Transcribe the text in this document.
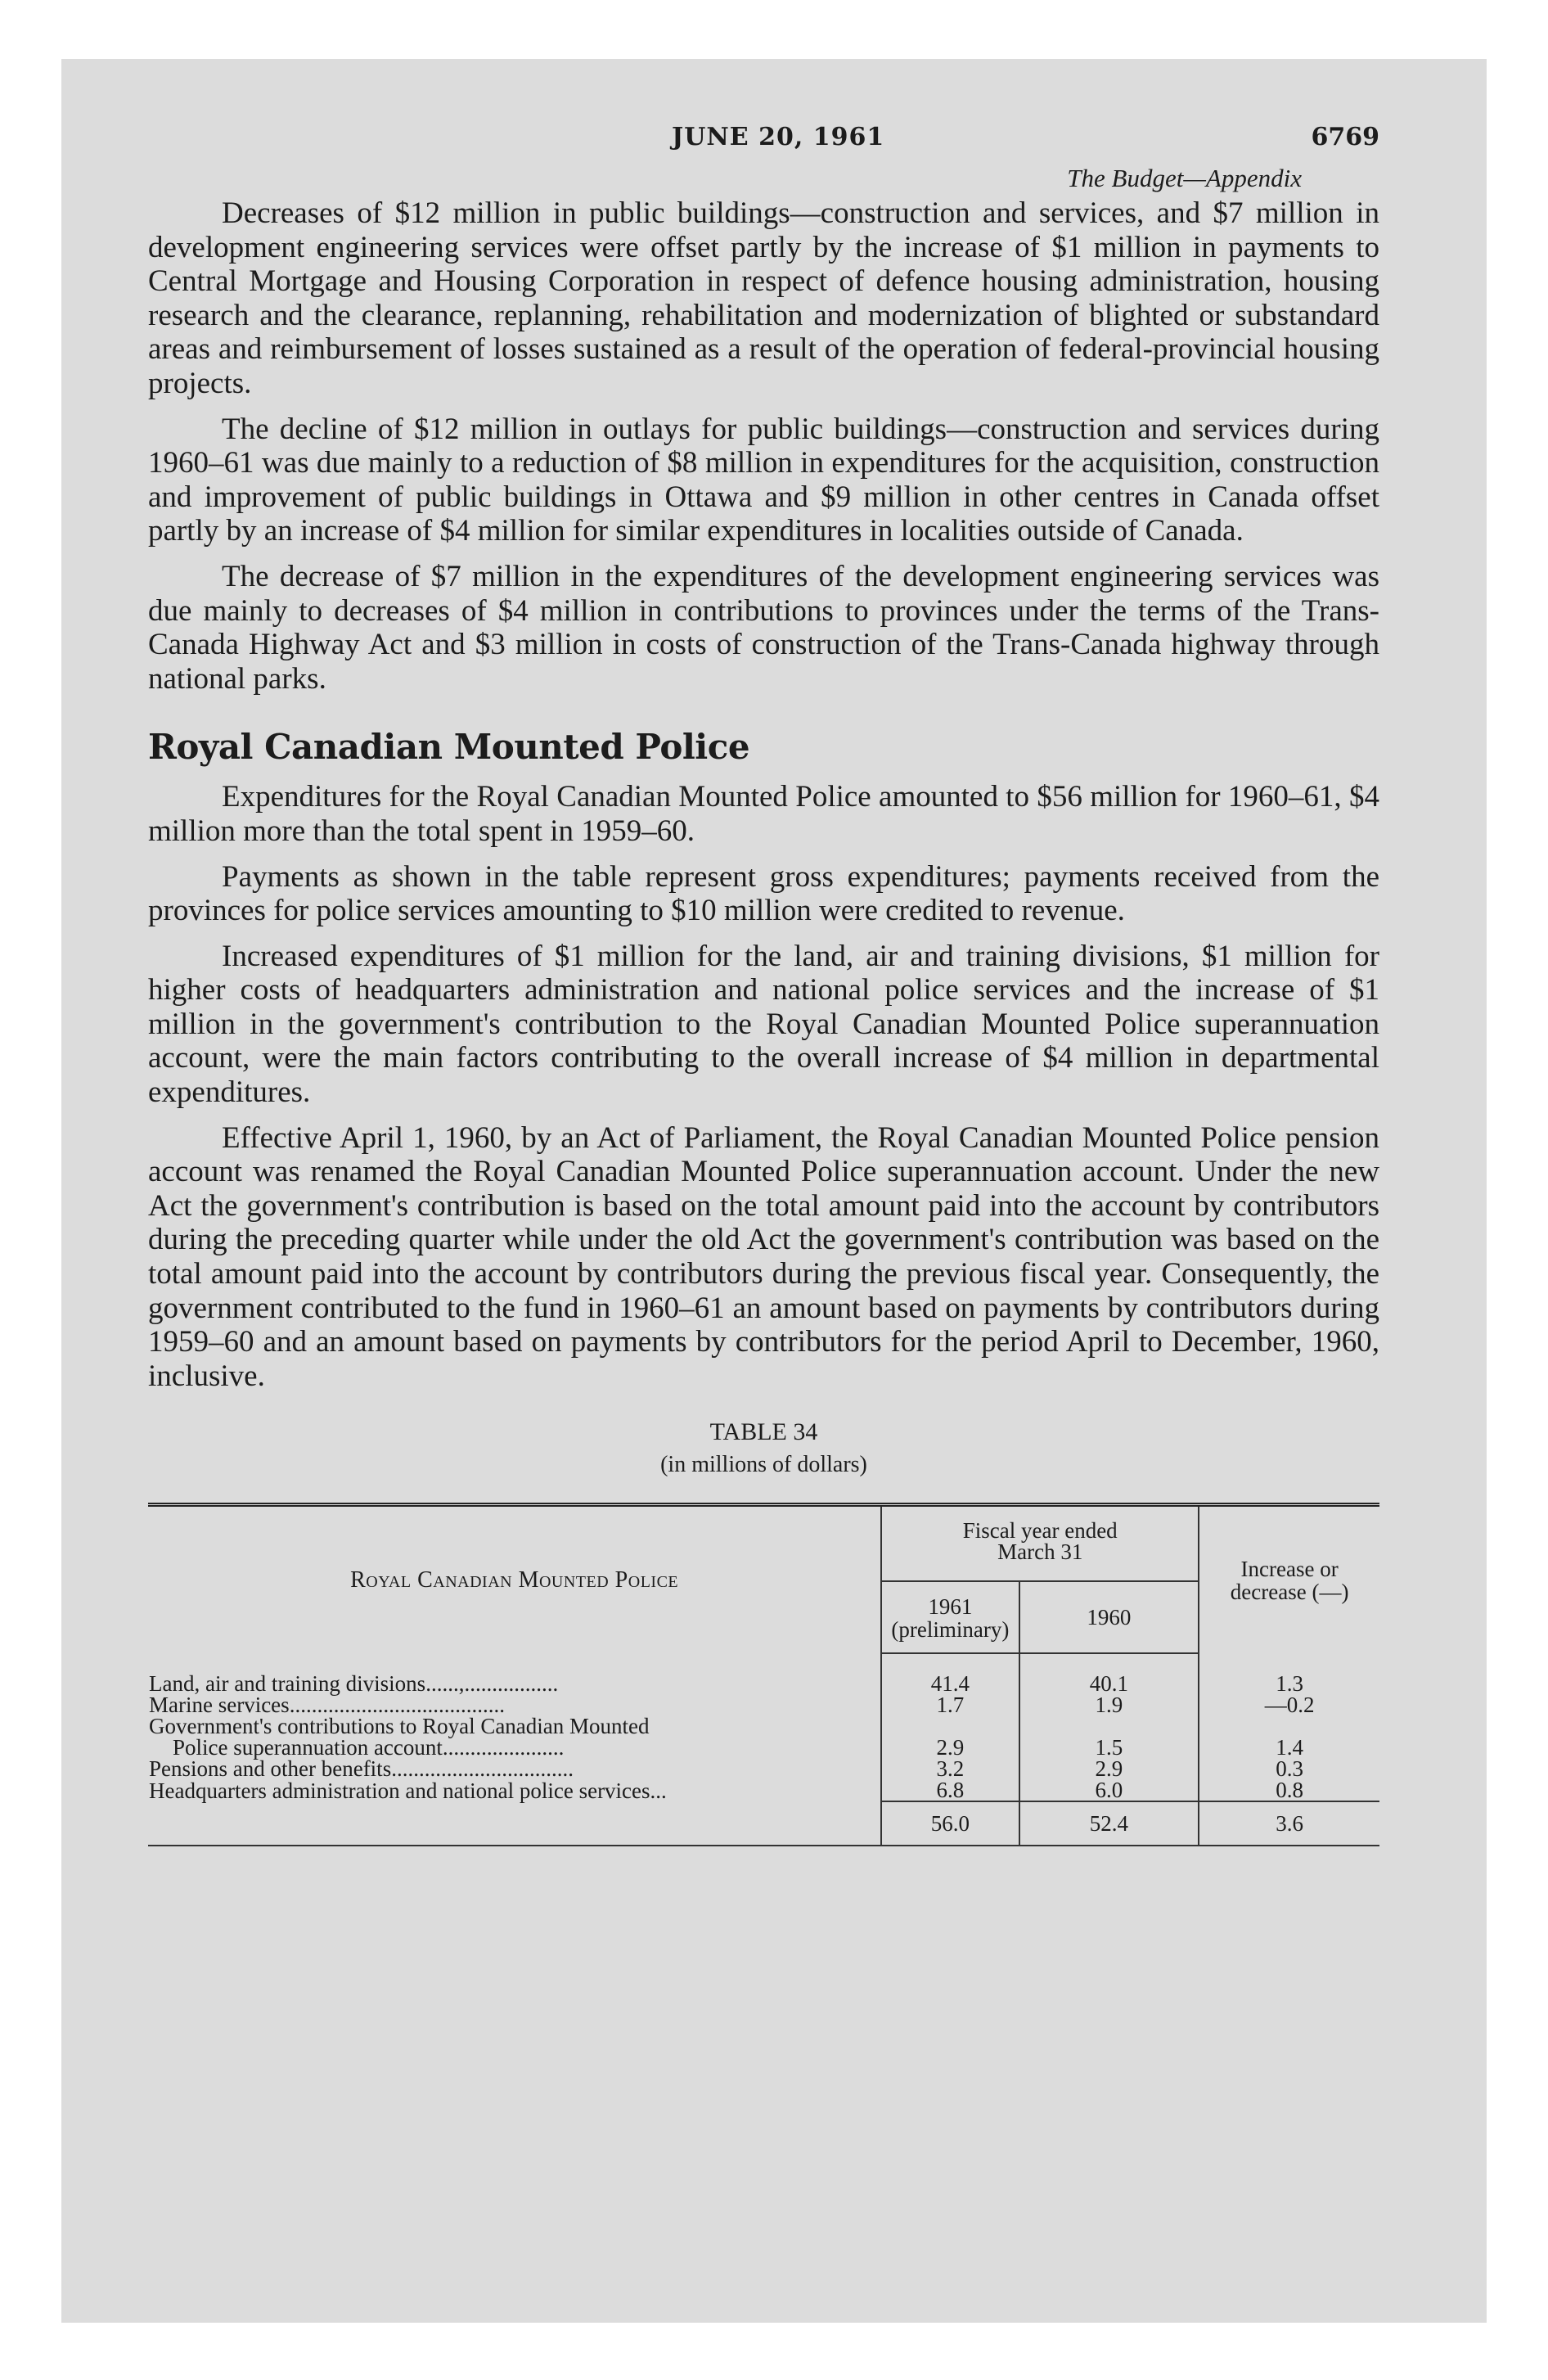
JUNE 20, 1961	6769
The Budget—Appendix

Decreases of $12 million in public buildings—construction and services, and $7 million in development engineering services were offset partly by the increase of $1 million in payments to Central Mortgage and Housing Corporation in respect of defence housing administration, housing research and the clearance, replanning, rehabilitation and modernization of blighted or substandard areas and reimbursement of losses sustained as a result of the operation of federal-provincial housing projects.

The decline of $12 million in outlays for public buildings—construction and services during 1960–61 was due mainly to a reduction of $8 million in expenditures for the acquisition, construction and improvement of public buildings in Ottawa and $9 million in other centres in Canada offset partly by an increase of $4 million for similar expenditures in localities outside of Canada.

The decrease of $7 million in the expenditures of the development engineering services was due mainly to decreases of $4 million in contributions to provinces under the terms of the Trans-Canada Highway Act and $3 million in costs of construction of the Trans-Canada highway through national parks.

Royal Canadian Mounted Police

Expenditures for the Royal Canadian Mounted Police amounted to $56 million for 1960–61, $4 million more than the total spent in 1959–60.

Payments as shown in the table represent gross expenditures; payments received from the provinces for police services amounting to $10 million were credited to revenue.

Increased expenditures of $1 million for the land, air and training divisions, $1 million for higher costs of headquarters administration and national police services and the increase of $1 million in the government's contribution to the Royal Canadian Mounted Police superannuation account, were the main factors contributing to the overall increase of $4 million in departmental expenditures.

Effective April 1, 1960, by an Act of Parliament, the Royal Canadian Mounted Police pension account was renamed the Royal Canadian Mounted Police superannuation account. Under the new Act the government's contribution is based on the total amount paid into the account by contributors during the preceding quarter while under the old Act the government's contribution was based on the total amount paid into the account by contributors during the previous fiscal year. Consequently, the government contributed to the fund in 1960–61 an amount based on payments by contributors during 1959–60 and an amount based on payments by contributors for the period April to December, 1960, inclusive.

TABLE 34
(in millions of dollars)
Royal Canadian Mounted Police	Fiscal year ended March 31		Increase or
decrease (—)

	1961
(preliminary)	1960	

Land, air and training divisions......,.................	41.4	40.1	1.3
Marine services.......................................	1.7	1.9	—0.2
Government's contributions to Royal Canadian Mounted			
Police superannuation account......................	2.9	1.5	1.4
Pensions and other benefits.................................	3.2	2.9	0.3
Headquarters administration and national police services...	6.8	6.0	0.8
	56.0	52.4	3.6
